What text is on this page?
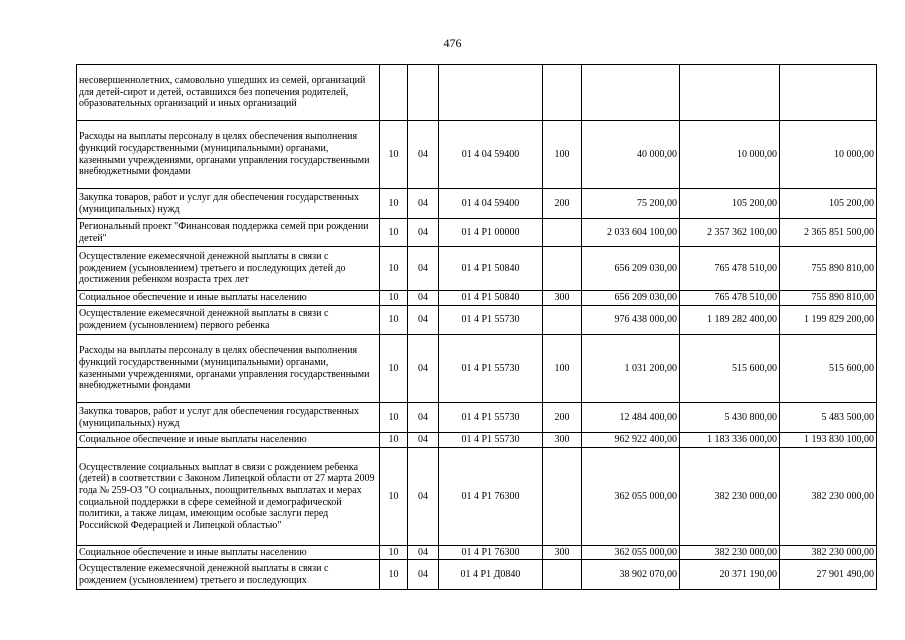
476
несовершеннолетних, самовольно ушедших из семей, организаций для детей-сирот и детей, оставшихся без попечения родителей, образовательных организаций и иных организаций							
Расходы на выплаты персоналу в целях обеспечения выполнения функций государственными (муниципальными) органами, казенными учреждениями, органами управления государственными внебюджетными фондами	10	04	01 4 04 59400	100	40 000,00	10 000,00	10 000,00
Закупка товаров, работ и услуг для обеспечения государственных (муниципальных) нужд	10	04	01 4 04 59400	200	75 200,00	105 200,00	105 200,00
Региональный проект "Финансовая поддержка семей при рождении детей"	10	04	01 4 P1 00000		2 033 604 100,00	2 357 362 100,00	2 365 851 500,00
Осуществление ежемесячной денежной выплаты в связи с рождением (усыновлением) третьего и последующих детей до достижения ребенком возраста трех лет	10	04	01 4 P1 50840		656 209 030,00	765 478 510,00	755 890 810,00
Социальное обеспечение и иные выплаты населению	10	04	01 4 P1 50840	300	656 209 030,00	765 478 510,00	755 890 810,00
Осуществление ежемесячной денежной выплаты в связи с рождением (усыновлением) первого ребенка	10	04	01 4 P1 55730		976 438 000,00	1 189 282 400,00	1 199 829 200,00
Расходы на выплаты персоналу в целях обеспечения выполнения функций государственными (муниципальными) органами, казенными учреждениями, органами управления государственными внебюджетными фондами	10	04	01 4 P1 55730	100	1 031 200,00	515 600,00	515 600,00
Закупка товаров, работ и услуг для обеспечения государственных (муниципальных) нужд	10	04	01 4 P1 55730	200	12 484 400,00	5 430 800,00	5 483 500,00
Социальное обеспечение и иные выплаты населению	10	04	01 4 P1 55730	300	962 922 400,00	1 183 336 000,00	1 193 830 100,00
Осуществление социальных выплат в связи с рождением ребенка (детей) в соответствии с Законом Липецкой области от 27 марта 2009 года № 259-ОЗ "О социальных, поощрительных выплатах и мерах социальной поддержки в сфере семейной и демографической политики, а также лицам, имеющим особые заслуги перед Российской Федерацией и Липецкой областью"	10	04	01 4 P1 76300		362 055 000,00	382 230 000,00	382 230 000,00
Социальное обеспечение и иные выплаты населению	10	04	01 4 P1 76300	300	362 055 000,00	382 230 000,00	382 230 000,00
Осуществление ежемесячной денежной выплаты в связи с рождением (усыновлением) третьего и последующих	10	04	01 4 P1 Д0840		38 902 070,00	20 371 190,00	27 901 490,00
